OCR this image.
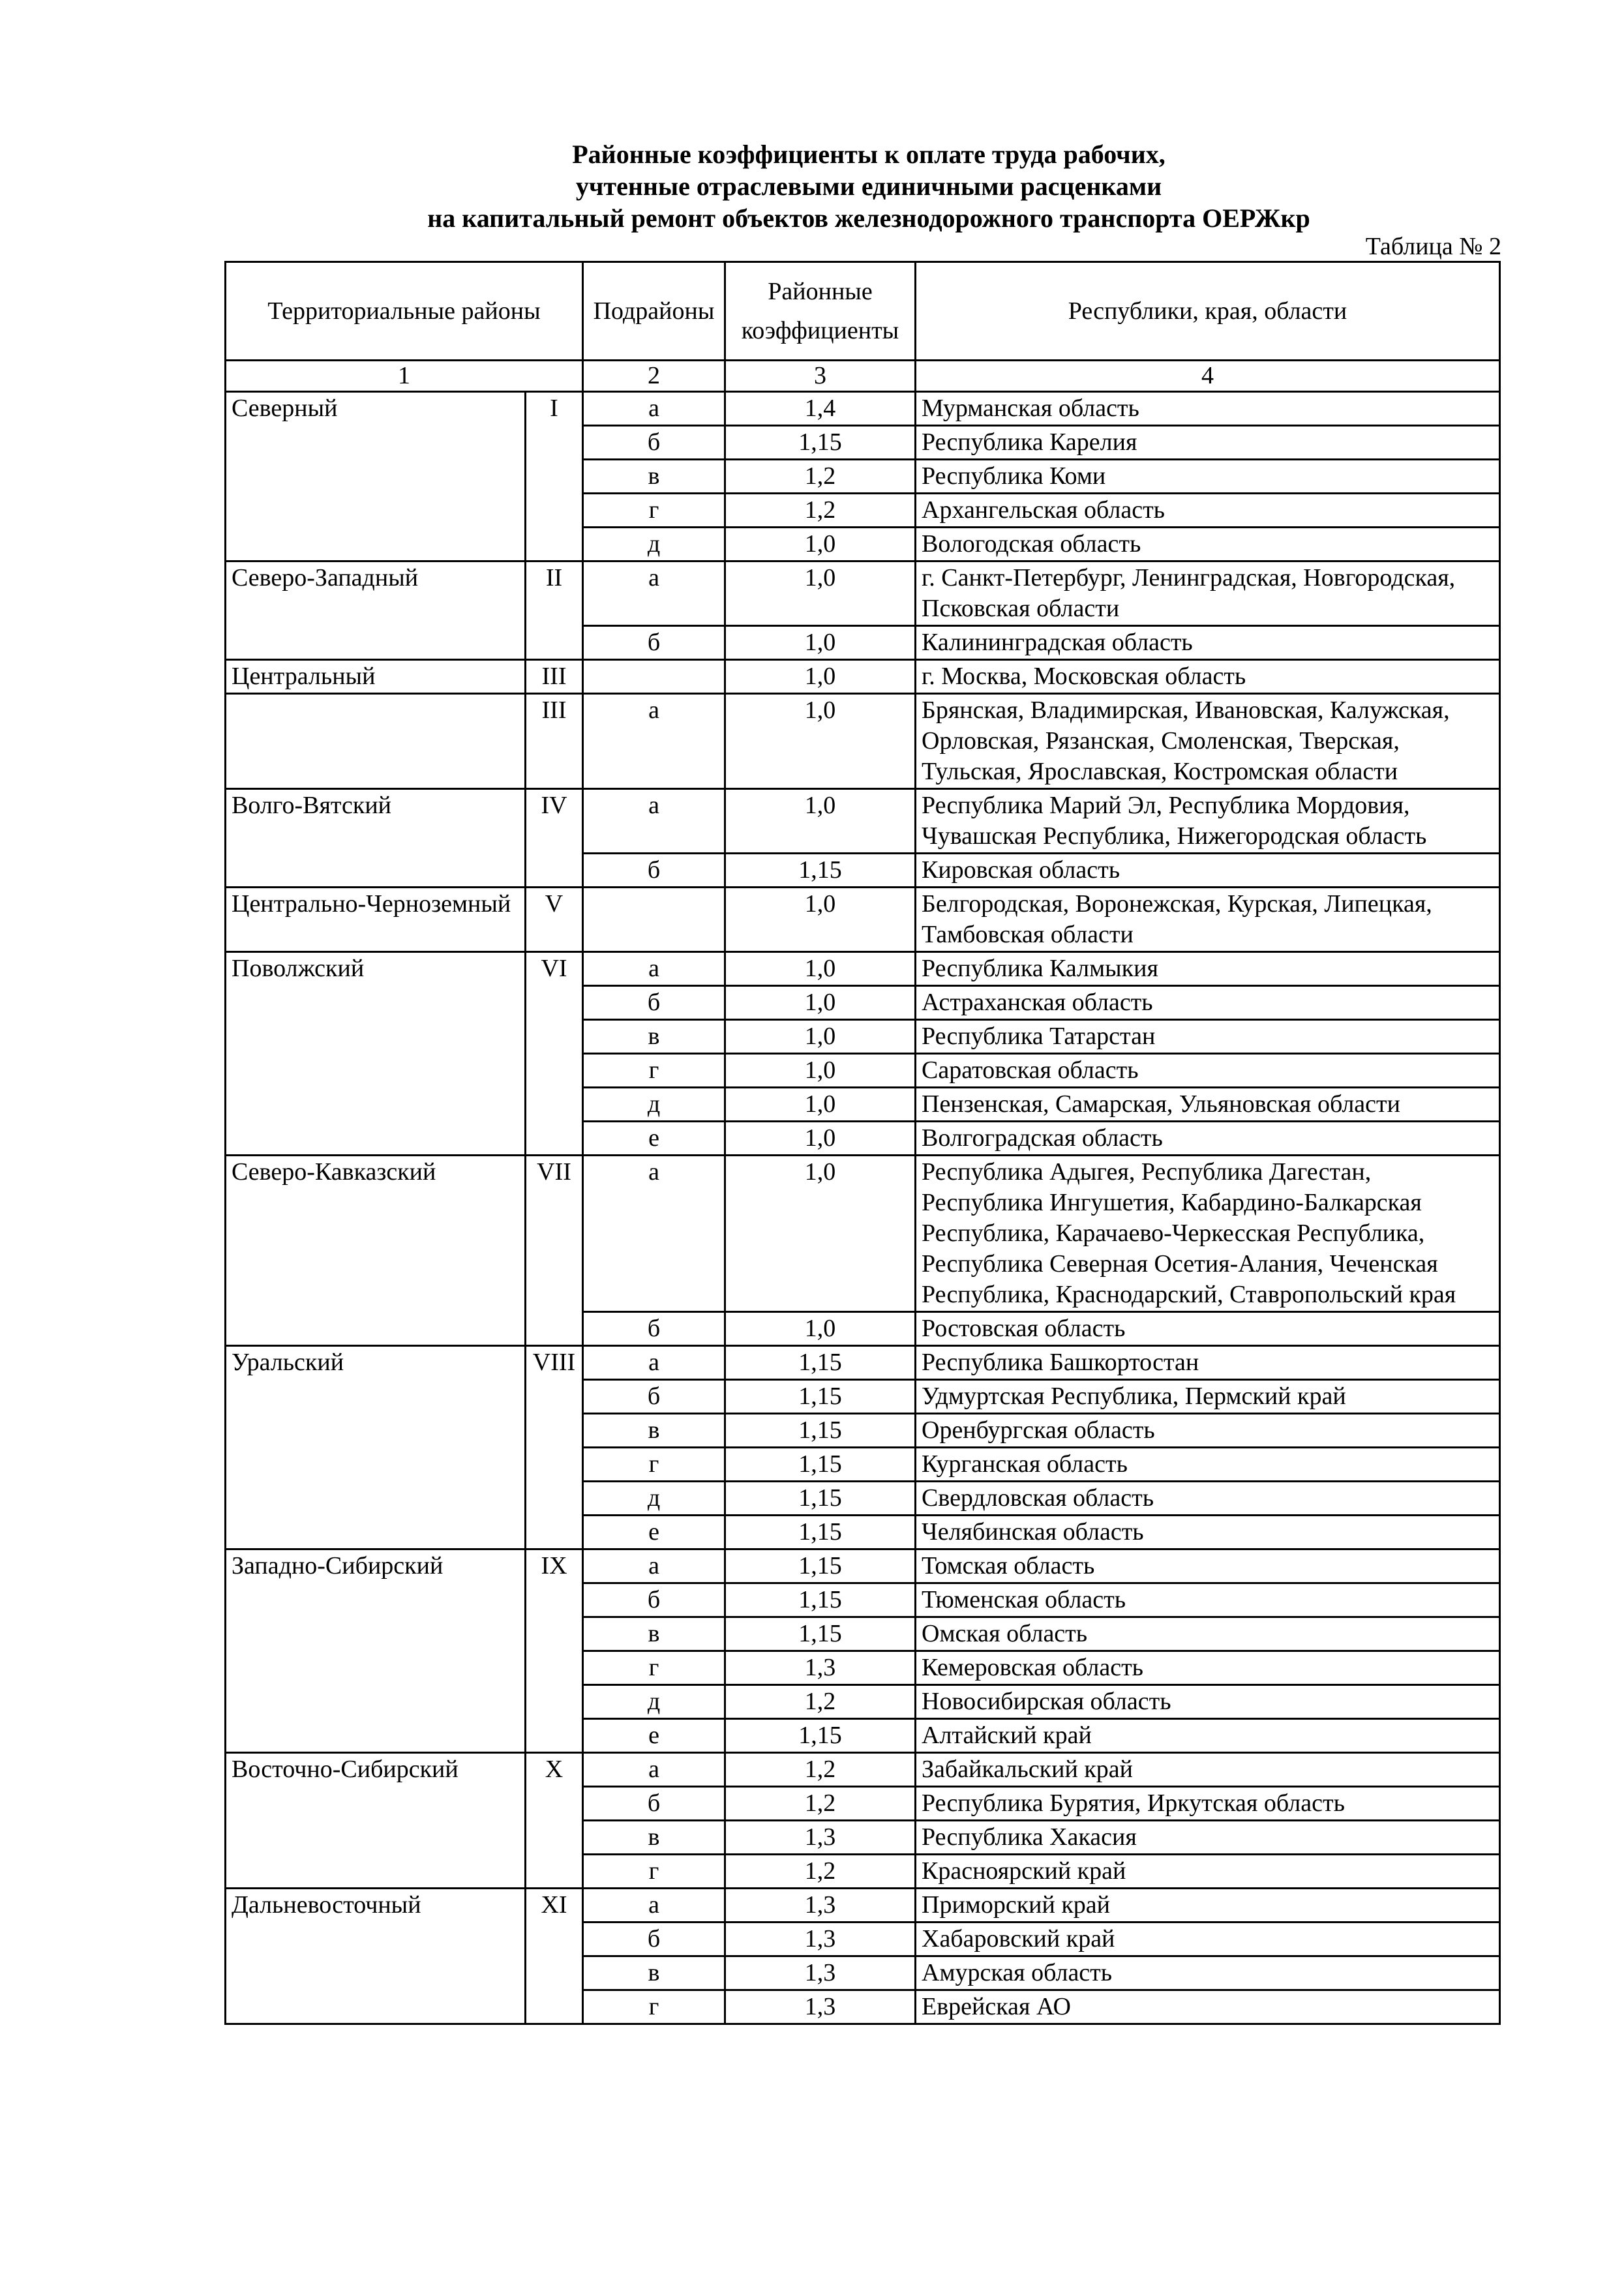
Районные коэффициенты к оплате труда рабочих,
учтенные отраслевыми единичными расценками
на капитальный ремонт объектов железнодорожного транспорта ОЕРЖкр
Таблица № 2
Территориальные районы		Подрайоны	Районные коэффициенты	Республики, края, области
1		2	3	4
Северный	I	а	1,4	Мурманская область
		б	1,15	Республика Карелия
		в	1,2	Республика Коми
		г	1,2	Архангельская область
		д	1,0	Вологодская область
Северо-Западный	II	а	1,0	г. Санкт-Петербург, Ленинградская, Новгородская, Псковская области
		б	1,0	Калининградская область
Центральный	III		1,0	г. Москва, Московская область
	III	а	1,0	Брянская, Владимирская, Ивановская, Калужская, Орловская, Рязанская, Смоленская, Тверская, Тульская, Ярославская, Костромская области
Волго-Вятский	IV	а	1,0	Республика Марий Эл, Республика Мордовия, Чувашская Республика, Нижегородская область
		б	1,15	Кировская область
Центрально-Черноземный	V		1,0	Белгородская, Воронежская, Курская, Липецкая, Тамбовская области
Поволжский	VI	а	1,0	Республика Калмыкия
		б	1,0	Астраханская область
		в	1,0	Республика Татарстан
		г	1,0	Саратовская область
		д	1,0	Пензенская, Самарская, Ульяновская области
		е	1,0	Волгоградская область
Северо-Кавказский	VII	а	1,0	Республика Адыгея, Республика Дагестан, Республика Ингушетия, Кабардино-Балкарская Республика, Карачаево-Черкесская Республика, Республика Северная Осетия-Алания, Чеченская Республика, Краснодарский, Ставропольский края
		б	1,0	Ростовская область
Уральский	VIII	а	1,15	Республика Башкортостан
		б	1,15	Удмуртская Республика, Пермский край
		в	1,15	Оренбургская область
		г	1,15	Курганская область
		д	1,15	Свердловская область
		е	1,15	Челябинская область
Западно-Сибирский	IX	а	1,15	Томская область
		б	1,15	Тюменская область
		в	1,15	Омская область
		г	1,3	Кемеровская область
		д	1,2	Новосибирская область
		е	1,15	Алтайский край
Восточно-Сибирский	X	а	1,2	Забайкальский край
		б	1,2	Республика Бурятия, Иркутская область
		в	1,3	Республика Хакасия
		г	1,2	Красноярский край
Дальневосточный	XI	а	1,3	Приморский край
		б	1,3	Хабаровский край
		в	1,3	Амурская область
		г	1,3	Еврейская АО
